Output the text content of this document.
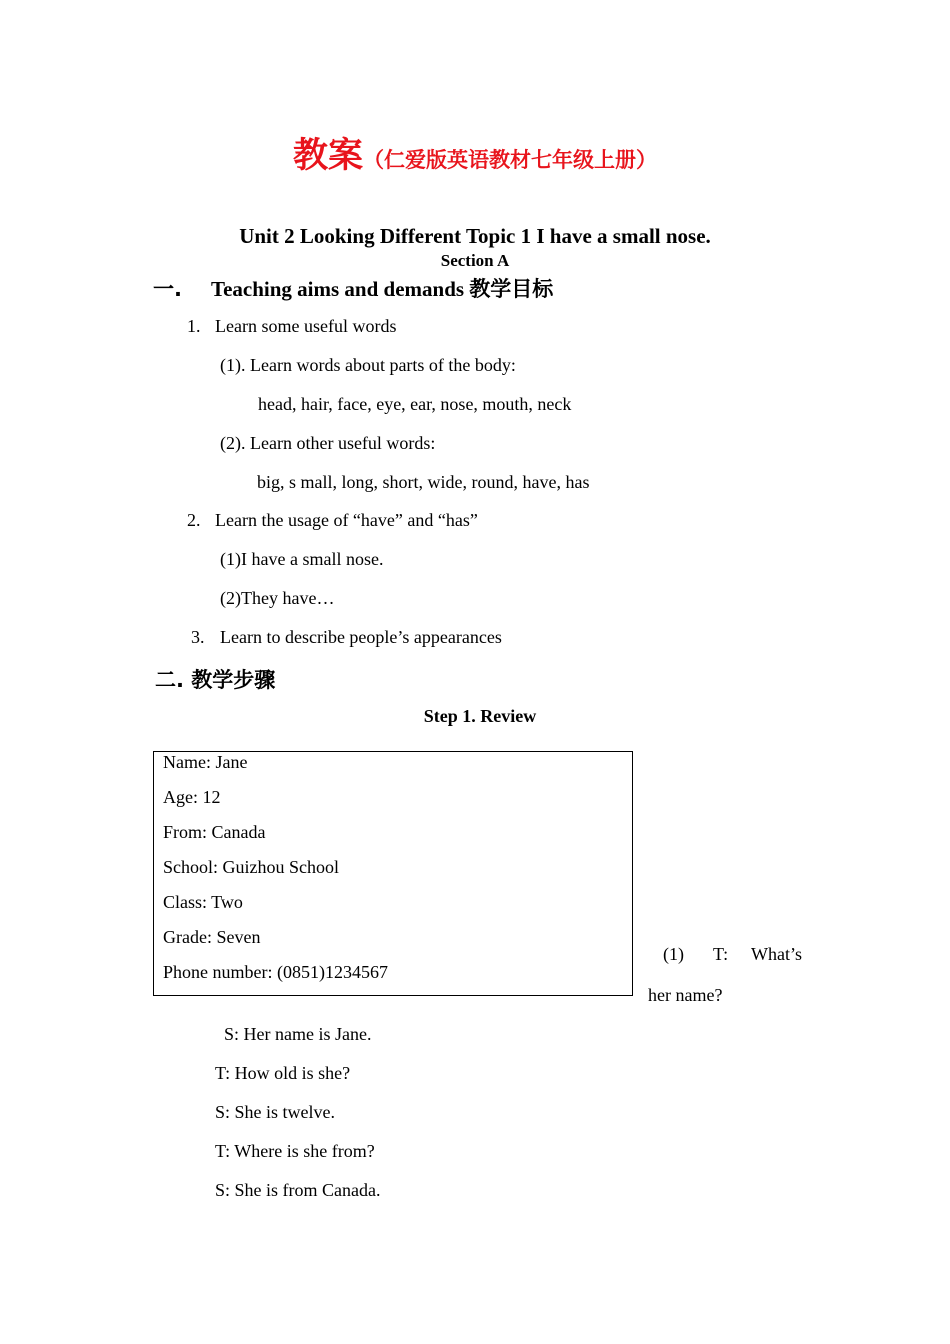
教案（仁爱版英语教材七年级上册）
Unit 2 Looking Different Topic 1 I have a small nose.
Section A
一. Teaching aims and demands 教学目标
1. Learn some useful words
(1). Learn words about parts of the body:
head, hair, face, eye, ear, nose, mouth, neck
(2). Learn other useful words:
big, s mall, long, short, wide, round, have, has
2. Learn the usage of “have” and “has”
(1)I have a small nose.
(2)They have…
3. Learn to describe people’s appearances
二. 教学步骤
Step 1. Review
Name: Jane
Age: 12
From: Canada
School: Guizhou School
Class: Two
Grade: Seven
Phone number: (0851)1234567
(1) T: What’s
her name?
S: Her name is Jane.
T: How old is she?
S: She is twelve.
T: Where is she from?
S: She is from Canada.
